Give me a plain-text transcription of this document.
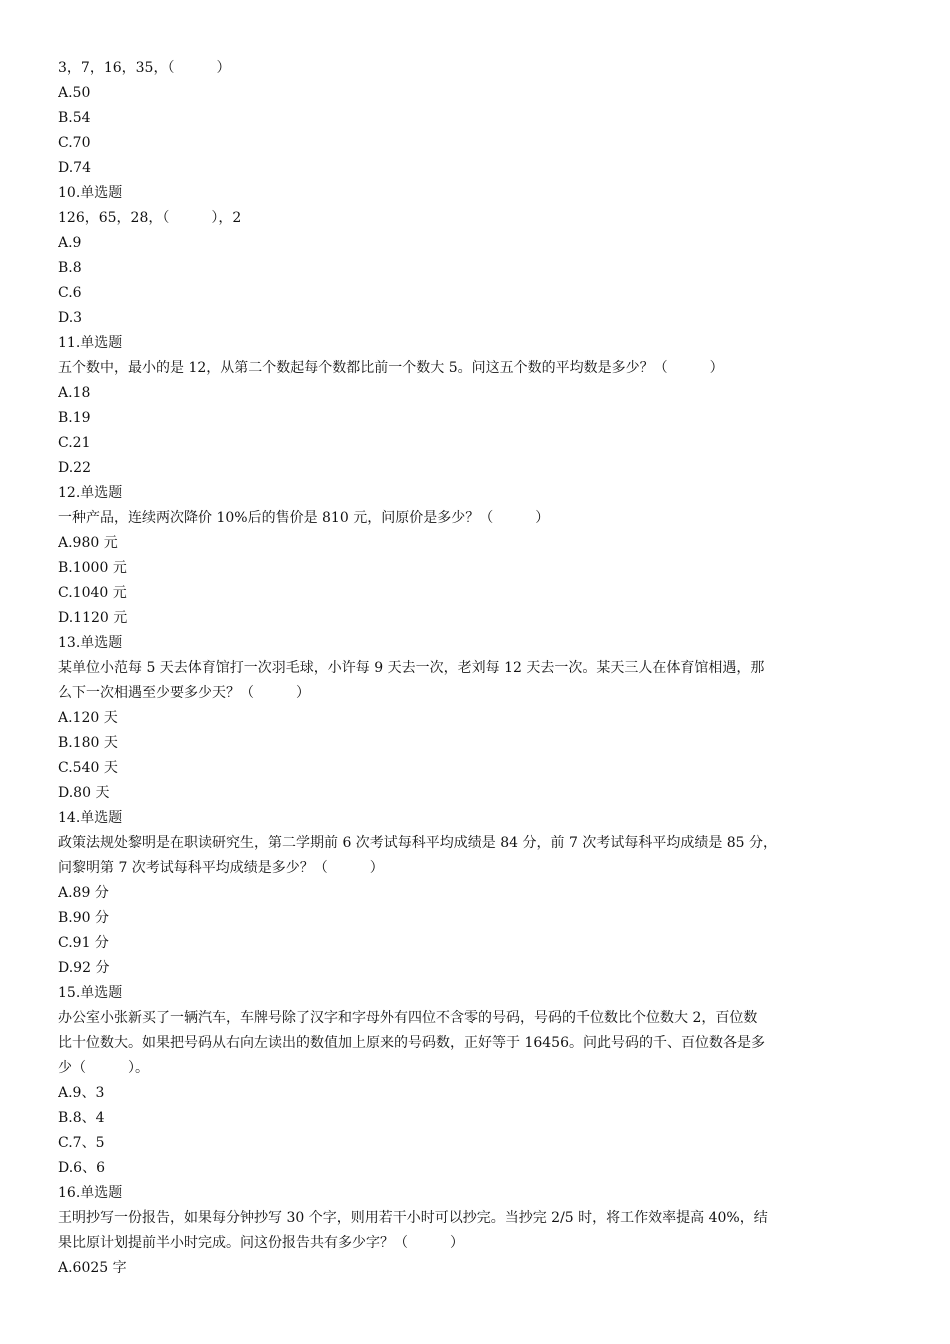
3，7，16，35，（　　　）
A.50
B.54
C.70
D.74
10.单选题
126，65，28，（　　　），2
A.9
B.8
C.6
D.3
11.单选题
五个数中，最小的是 12，从第二个数起每个数都比前一个数大 5。问这五个数的平均数是多少？（　　　）
A.18
B.19
C.21
D.22
12.单选题
一种产品，连续两次降价 10%后的售价是 810 元，问原价是多少？（　　　）
A.980 元
B.1000 元
C.1040 元
D.1120 元
13.单选题
某单位小范每 5 天去体育馆打一次羽毛球，小许每 9 天去一次，老刘每 12 天去一次。某天三人在体育馆相遇，那
么下一次相遇至少要多少天？（　　　）
A.120 天
B.180 天
C.540 天
D.80 天
14.单选题
政策法规处黎明是在职读研究生，第二学期前 6 次考试每科平均成绩是 84 分，前 7 次考试每科平均成绩是 85 分，
问黎明第 7 次考试每科平均成绩是多少？（　　　）
A.89 分
B.90 分
C.91 分
D.92 分
15.单选题
办公室小张新买了一辆汽车，车牌号除了汉字和字母外有四位不含零的号码，号码的千位数比个位数大 2，百位数
比十位数大。如果把号码从右向左读出的数值加上原来的号码数，正好等于 16456。问此号码的千、百位数各是多
少（　　　）。
A.9、3
B.8、4
C.7、5
D.6、6
16.单选题
王明抄写一份报告，如果每分钟抄写 30 个字，则用若干小时可以抄完。当抄完 2/5 时，将工作效率提高 40%，结
果比原计划提前半小时完成。问这份报告共有多少字？（　　　）
A.6025 字
